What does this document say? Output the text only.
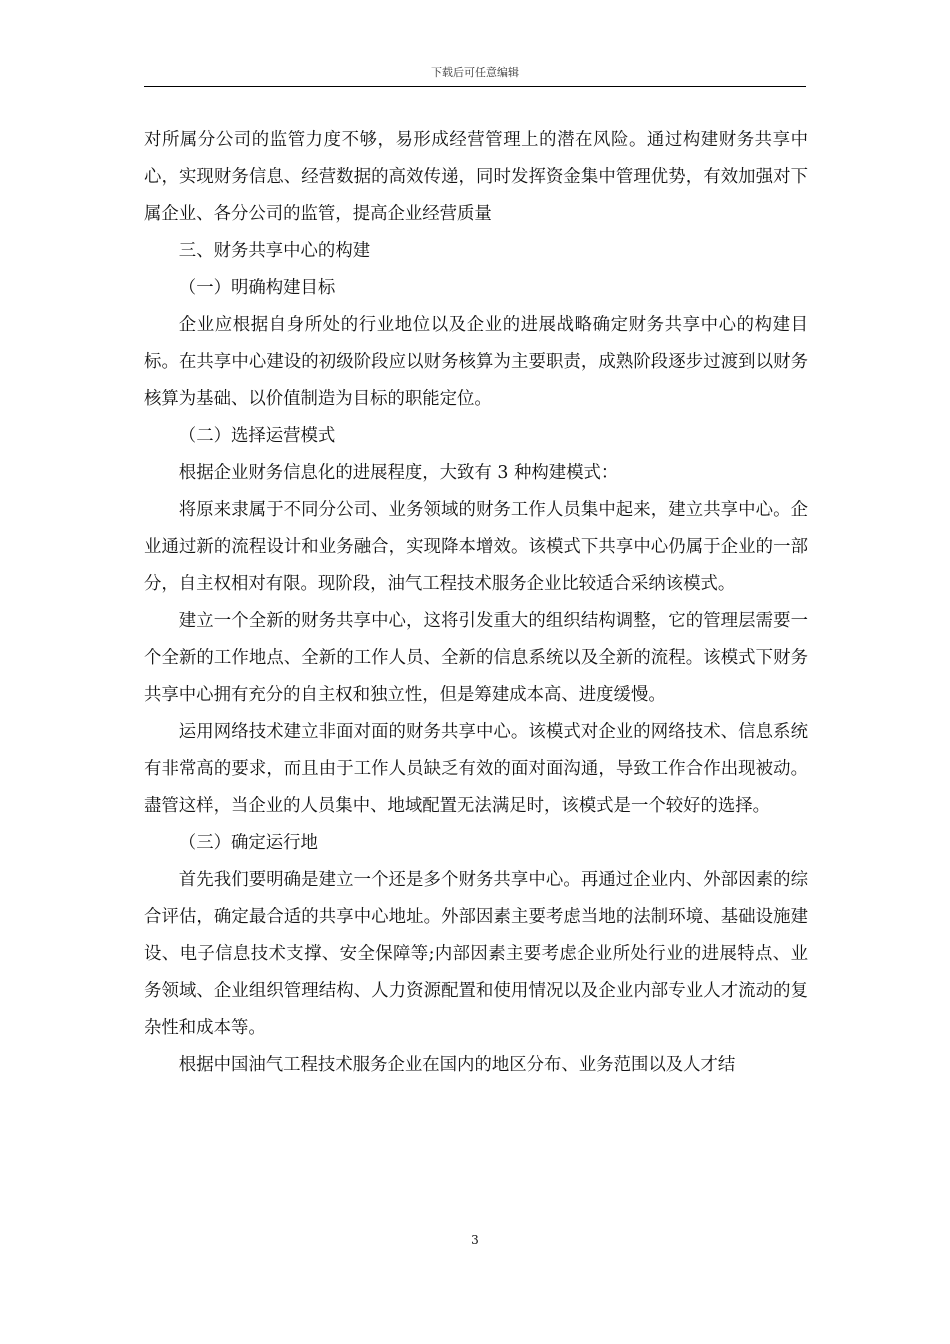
下载后可任意编辑

对所属分公司的监管力度不够，易形成经营管理上的潜在风险。通过构建财务共享中心，实现财务信息、经营数据的高效传递，同时发挥资金集中管理优势，有效加强对下属企业、各分公司的监管，提高企业经营质量

三、财务共享中心的构建

（一）明确构建目标

企业应根据自身所处的行业地位以及企业的进展战略确定财务共享中心的构建目标。在共享中心建设的初级阶段应以财务核算为主要职责，成熟阶段逐步过渡到以财务核算为基础、以价值制造为目标的职能定位。

（二）选择运营模式

根据企业财务信息化的进展程度，大致有 3 种构建模式：

将原来隶属于不同分公司、业务领域的财务工作人员集中起来，建立共享中心。企业通过新的流程设计和业务融合，实现降本增效。该模式下共享中心仍属于企业的一部分，自主权相对有限。现阶段，油气工程技术服务企业比较适合采纳该模式。

建立一个全新的财务共享中心，这将引发重大的组织结构调整，它的管理层需要一个全新的工作地点、全新的工作人员、全新的信息系统以及全新的流程。该模式下财务共享中心拥有充分的自主权和独立性，但是筹建成本高、进度缓慢。

运用网络技术建立非面对面的财务共享中心。该模式对企业的网络技术、信息系统有非常高的要求，而且由于工作人员缺乏有效的面对面沟通，导致工作合作出现被动。盡管这样，当企业的人员集中、地域配置无法满足时，该模式是一个较好的选择。

（三）确定运行地

首先我们要明确是建立一个还是多个财务共享中心。再通过企业内、外部因素的综合评估，确定最合适的共享中心地址。外部因素主要考虑当地的法制环境、基础设施建设、电子信息技术支撑、安全保障等;内部因素主要考虑企业所处行业的进展特点、业务领域、企业组织管理结构、人力资源配置和使用情况以及企业内部专业人才流动的复杂性和成本等。

根据中国油气工程技术服务企业在国内的地区分布、业务范围以及人才结

3
